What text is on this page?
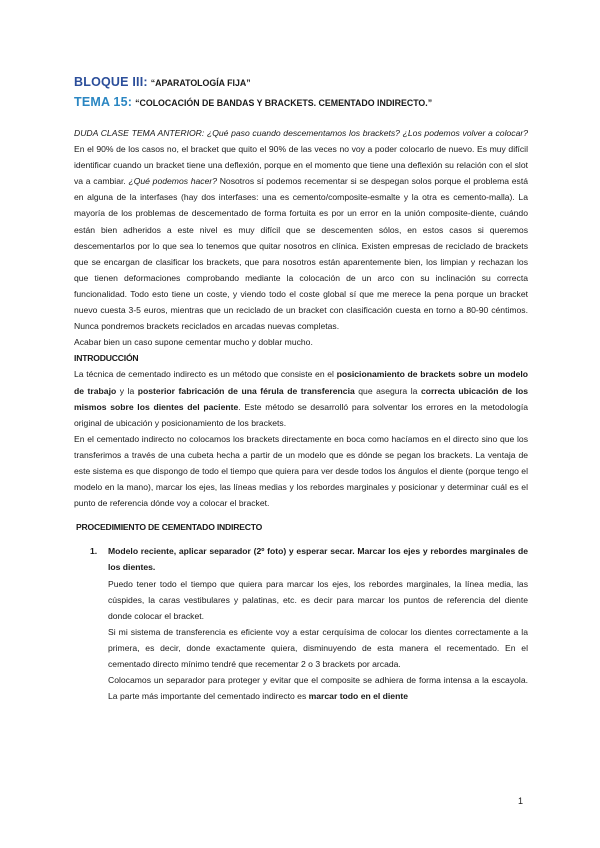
BLOQUE III: “APARATOLOGÍA FIJA”
TEMA 15: “COLOCACIÓN DE BANDAS Y BRACKETS. CEMENTADO INDIRECTO.”

DUDA CLASE TEMA ANTERIOR: ¿Qué paso cuando descementamos los brackets? ¿Los podemos volver a colocar? En el 90% de los casos no, el bracket que quito el 90% de las veces no voy a poder colocarlo de nuevo. Es muy difícil identificar cuando un bracket tiene una deflexión, porque en el momento que tiene una deflexión su relación con el slot va a cambiar. ¿Qué podemos hacer? Nosotros sí podemos recementar si se despegan solos porque el problema está en alguna de la interfases (hay dos interfases: una es cemento/composite-esmalte y la otra es cemento-malla). La mayoría de los problemas de descementado de forma fortuita es por un error en la unión composite-diente, cuándo están bien adheridos a este nivel es muy difícil que se descementen sólos, en estos casos si queremos descementarlos por lo que sea lo tenemos que quitar nosotros en clínica. Existen empresas de reciclado de brackets que se encargan de clasificar los brackets, que para nosotros están aparentemente bien, los limpian y rechazan los que tienen deformaciones comprobando mediante la colocación de un arco con su inclinación su correcta funcionalidad. Todo esto tiene un coste, y viendo todo el coste global sí que me merece la pena porque un bracket nuevo cuesta 3-5 euros, mientras que un reciclado de un bracket con clasificación cuesta en torno a 80-90 céntimos. Nunca pondremos brackets reciclados en arcadas nuevas completas.

Acabar bien un caso supone cementar mucho y doblar mucho.

INTRODUCCIÓN

La técnica de cementado indirecto es un método que consiste en el posicionamiento de brackets sobre un modelo de trabajo y la posterior fabricación de una férula de transferencia que asegura la correcta ubicación de los mismos sobre los dientes del paciente. Este método se desarrolló para solventar los errores en la metodología original de ubicación y posicionamiento de los brackets.

En el cementado indirecto no colocamos los brackets directamente en boca como hacíamos en el directo sino que los transferimos a través de una cubeta hecha a partir de un modelo que es dónde se pegan los brackets. La ventaja de este sistema es que dispongo de todo el tiempo que quiera para ver desde todos los ángulos el diente (porque tengo el modelo en la mano), marcar los ejes, las líneas medias y los rebordes marginales y posicionar y determinar cuál es el punto de referencia dónde voy a colocar el bracket.

PROCEDIMIENTO DE CEMENTADO INDIRECTO

1. Modelo reciente, aplicar separador (2º foto) y esperar secar. Marcar los ejes y rebordes marginales de los dientes.

Puedo tener todo el tiempo que quiera para marcar los ejes, los rebordes marginales, la línea media, las cúspides, la caras vestibulares y palatinas, etc. es decir para marcar los puntos de referencia del diente donde colocar el bracket.

Si mi sistema de transferencia es eficiente voy a estar cerquísima de colocar los dientes correctamente a la primera, es decir, donde exactamente quiera, disminuyendo de esta manera el recementado. En el cementado directo mínimo tendré que recementar 2 o 3 brackets por arcada.

Colocamos un separador para proteger y evitar que el composite se adhiera de forma intensa a la escayola. La parte más importante del cementado indirecto es marcar todo en el diente

1
